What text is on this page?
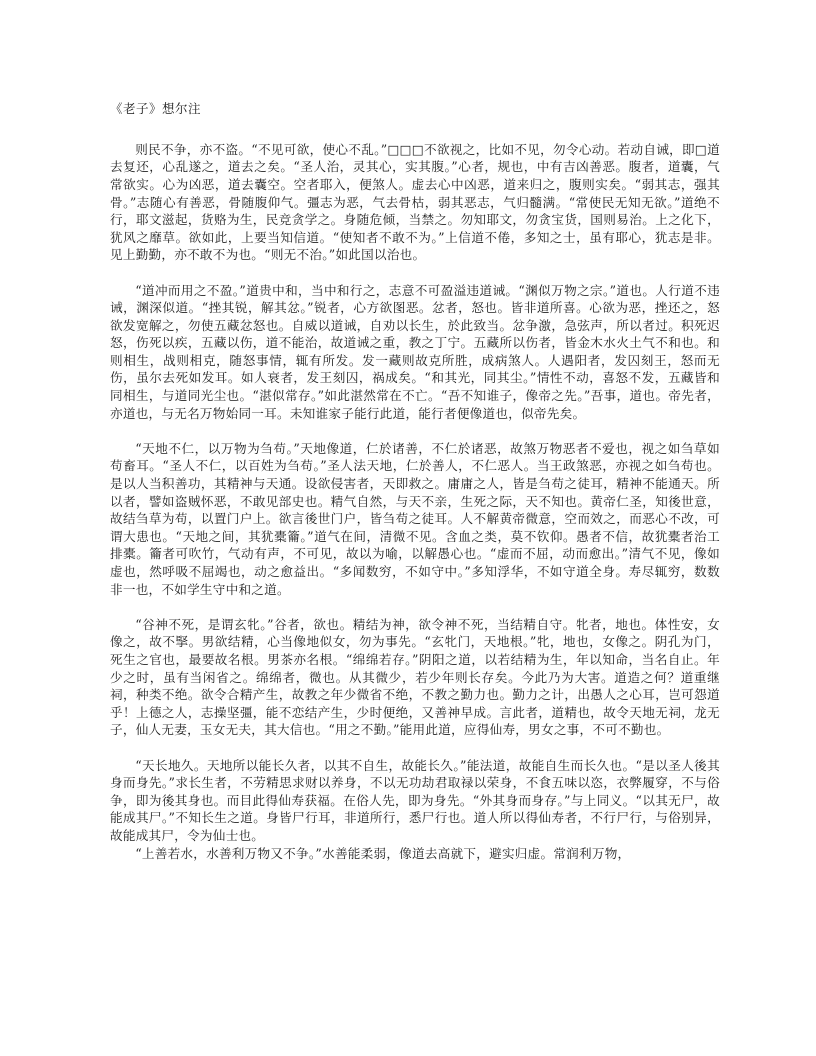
《老子》想尔注

则民不争，亦不盗。“不见可欲，使心不乱。”□□□不欲视之，比如不见，勿令心动。若动自诫，即□道去复还，心乱遂之，道去之矣。“圣人治，灵其心，实其腹。”心者，规也，中有吉凶善恶。腹者，道囊，气常欲实。心为凶恶，道去囊空。空者耶入，便煞人。虚去心中凶恶，道来归之，腹则实矣。“弱其志，强其骨。”志随心有善恶，骨随腹仰气。彊志为恶，气去骨枯，弱其恶志，气归髓满。“常使民无知无欲。”道绝不行，耶文滋起，货赂为生，民竞贪学之。身随危倾，当禁之。勿知耶文，勿贪宝货，国则易治。上之化下，犹风之靡草。欲如此，上要当知信道。“使知者不敢不为。”上信道不倦，多知之士，虽有耶心，犹志是非。见上勤勤，亦不敢不为也。“则无不治。”如此国以治也。

“道冲而用之不盈。”道贵中和，当中和行之，志意不可盈溢违道诫。“渊似万物之宗。”道也。人行道不违诫，渊深似道。“挫其锐，解其忿。”锐者，心方欲图恶。忿者，怒也。皆非道所喜。心欲为恶，挫还之，怒欲发宽解之，勿使五藏忿怒也。自威以道诫，自劝以长生，於此致当。忿争激，急弦声，所以者过。积死迟怒，伤死以疾，五藏以伤，道不能治，故道诫之重，教之丁宁。五藏所以伤者，皆金木水火土气不和也。和则相生，战则相克，随怒事情，辄有所发。发一藏则故克所胜，成病煞人。人遇阳者，发囚刻王，怒而无伤，虽尔去死如发耳。如人衰者，发王刻囚，祸成矣。“和其光，同其尘。”情性不动，喜怒不发，五藏皆和同相生，与道同光尘也。“湛似常存。”如此湛然常在不亡。“吾不知谁子，像帝之先。”吾事，道也。帝先者，亦道也，与无名万物始同一耳。未知谁家子能行此道，能行者便像道也，似帝先矣。

“天地不仁，以万物为刍苟。”天地像道，仁於诸善，不仁於诸恶，故煞万物恶者不爱也，视之如刍草如苟畜耳。“圣人不仁，以百姓为刍苟。”圣人法天地，仁於善人，不仁恶人。当王政煞恶，亦视之如刍苟也。是以人当积善功，其精神与天通。设欲侵害者，天即救之。庸庸之人，皆是刍苟之徒耳，精神不能通天。所以者，譬如盗贼怀恶，不敢见部史也。精气自然，与天不亲，生死之际，天不知也。黄帝仁圣，知後世意，故结刍草为苟，以置门户上。欲言後世门户，皆刍苟之徒耳。人不解黄帝微意，空而效之，而恶心不改，可谓大患也。“天地之间，其犹橐籥。”道气在间，清微不见。含血之类，莫不钦仰。愚者不信，故犹橐者治工排橐。籥者可吹竹，气动有声，不可见，故以为喻，以解愚心也。“虚而不屈，动而愈出。”清气不见，像如虚也，然呼吸不屈竭也，动之愈益出。“多闻数穷，不如守中。”多知浮华，不如守道全身。寿尽辄穷，数数非一也，不如学生守中和之道。

“谷神不死，是谓玄牝。”谷者，欲也。精结为神，欲令神不死，当结精自守。牝者，地也。体性安，女像之，故不掔。男欲结精，心当像地似女，勿为事先。“玄牝门，天地根。”牝，地也，女像之。阴孔为门，死生之官也，最要故名根。男茶亦名根。“绵绵若存。”阴阳之道，以若结精为生，年以知命，当名自止。年少之时，虽有当闲省之。绵绵者，微也。从其微少，若少年则长存矣。今此乃为大害。道造之何？道重继祠，种类不绝。欲令合精产生，故教之年少微省不绝，不教之勤力也。勤力之计，出愚人之心耳，岂可怨道乎！上德之人，志操坚彊，能不恋结产生，少时便绝，又善神早成。言此者，道精也，故令天地无祠，龙无子，仙人无妻，玉女无夫，其大信也。“用之不勤。”能用此道，应得仙寿，男女之事，不可不勤也。

“天长地久。天地所以能长久者，以其不自生，故能长久。”能法道，故能自生而长久也。“是以圣人後其身而身先。”求长生者，不劳精思求财以养身，不以无功劫君取禄以荣身，不食五味以恣，衣弊履穿，不与俗争，即为後其身也。而目此得仙寿获福。在俗人先，即为身先。“外其身而身存。”与上同义。“以其无尸，故能成其尸。”不知长生之道。身皆尸行耳，非道所行，悉尸行也。道人所以得仙寿者，不行尸行，与俗别异，故能成其尸，令为仙士也。

“上善若水，水善利万物又不争。”水善能柔弱，像道去高就下，避实归虚。常润利万物，
